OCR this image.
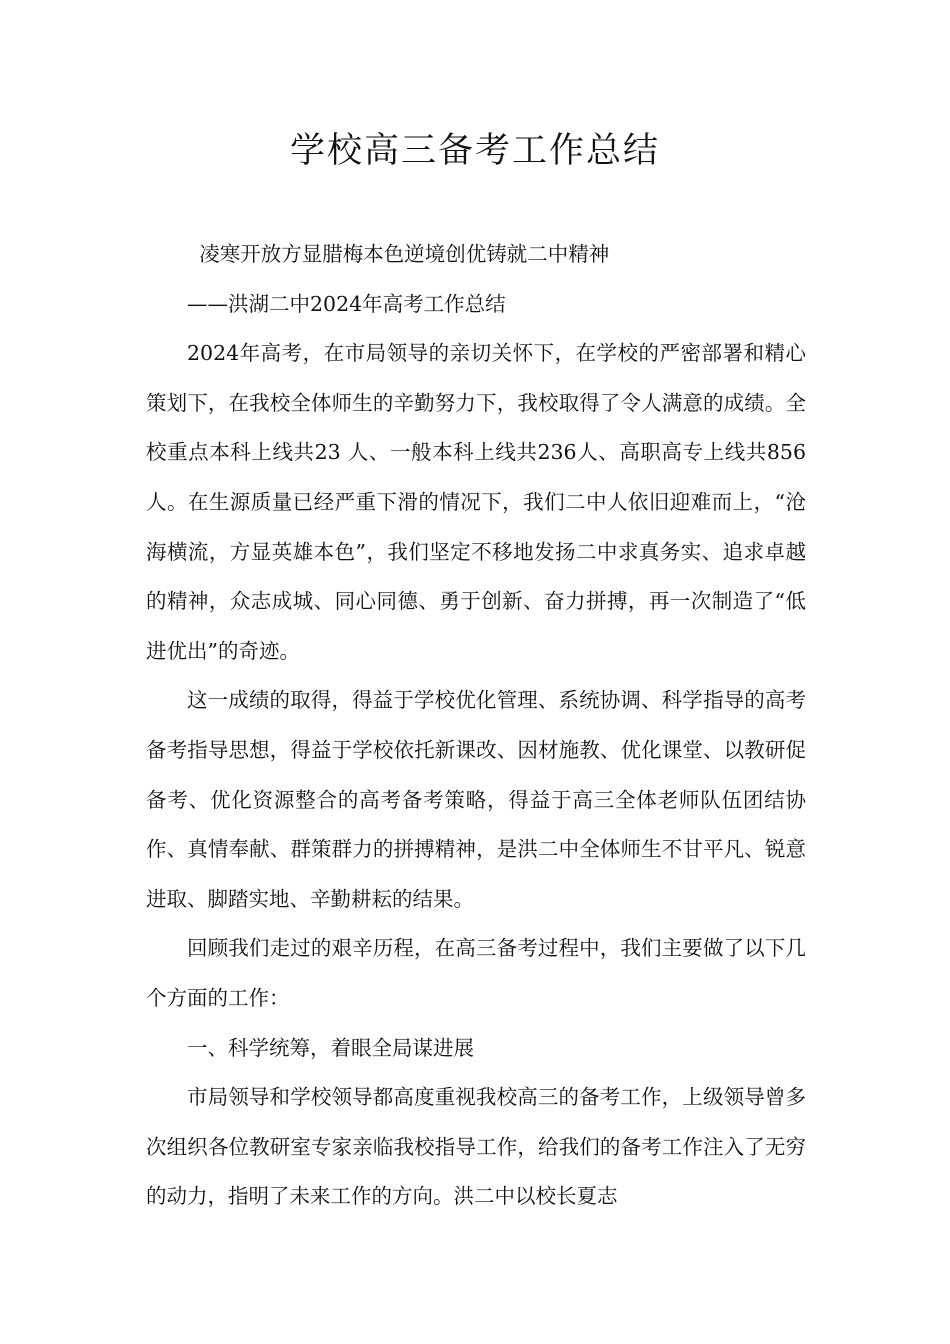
学校高三备考工作总结

凌寒开放方显腊梅本色逆境创优铸就二中精神

——洪湖二中2024年高考工作总结

2024年高考，在市局领导的亲切关怀下，在学校的严密部署和精心策划下，在我校全体师生的辛勤努力下，我校取得了令人满意的成绩。全校重点本科上线共23 人、一般本科上线共236人、高职高专上线共856人。在生源质量已经严重下滑的情况下，我们二中人依旧迎难而上，“沧海横流，方显英雄本色”，我们坚定不移地发扬二中求真务实、追求卓越的精神，众志成城、同心同德、勇于创新、奋力拼搏，再一次制造了“低进优出”的奇迹。

这一成绩的取得，得益于学校优化管理、系统协调、科学指导的高考备考指导思想，得益于学校依托新课改、因材施教、优化课堂、以教研促备考、优化资源整合的高考备考策略，得益于高三全体老师队伍团结协作、真情奉献、群策群力的拼搏精神，是洪二中全体师生不甘平凡、锐意进取、脚踏实地、辛勤耕耘的结果。

回顾我们走过的艰辛历程，在高三备考过程中，我们主要做了以下几个方面的工作：

一、科学统筹，着眼全局谋进展

市局领导和学校领导都高度重视我校高三的备考工作，上级领导曾多次组织各位教研室专家亲临我校指导工作，给我们的备考工作注入了无穷的动力，指明了未来工作的方向。洪二中以校长夏志
